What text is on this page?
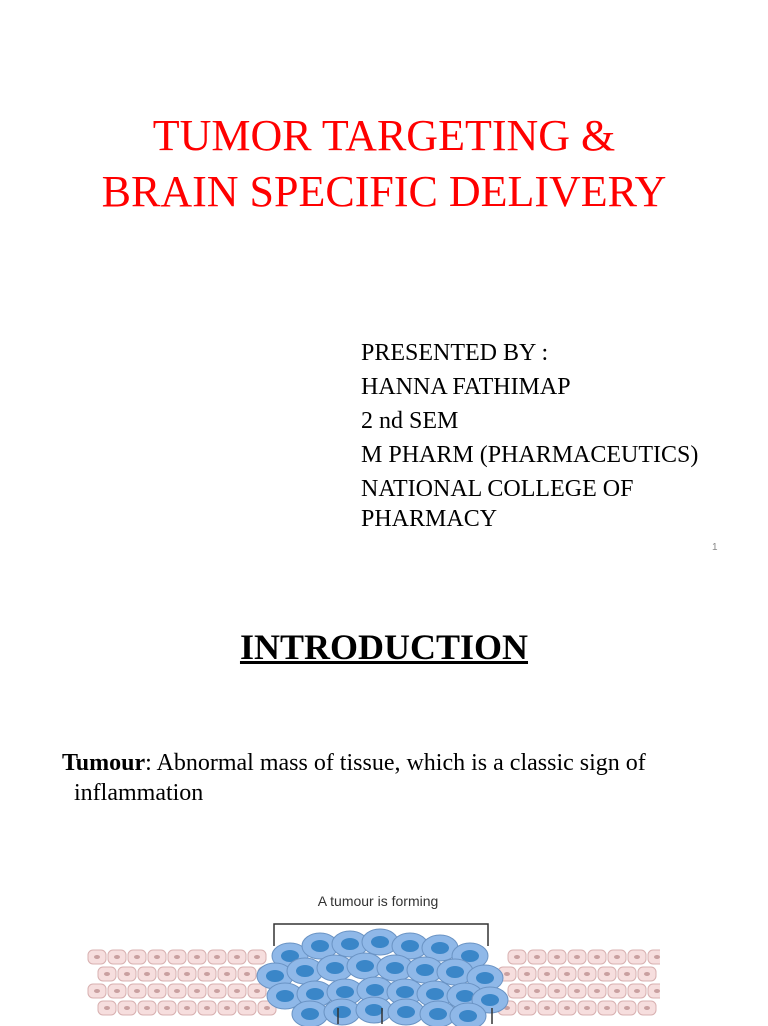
TUMOR TARGETING &
BRAIN SPECIFIC DELIVERY
PRESENTED BY :
HANNA FATHIMAP
2 nd SEM
M PHARM (PHARMACEUTICS)
NATIONAL COLLEGE OF
PHARMACY
1
INTRODUCTION
Tumour: Abnormal mass of tissue, which is a classic sign of
inflammation
A tumour is forming
